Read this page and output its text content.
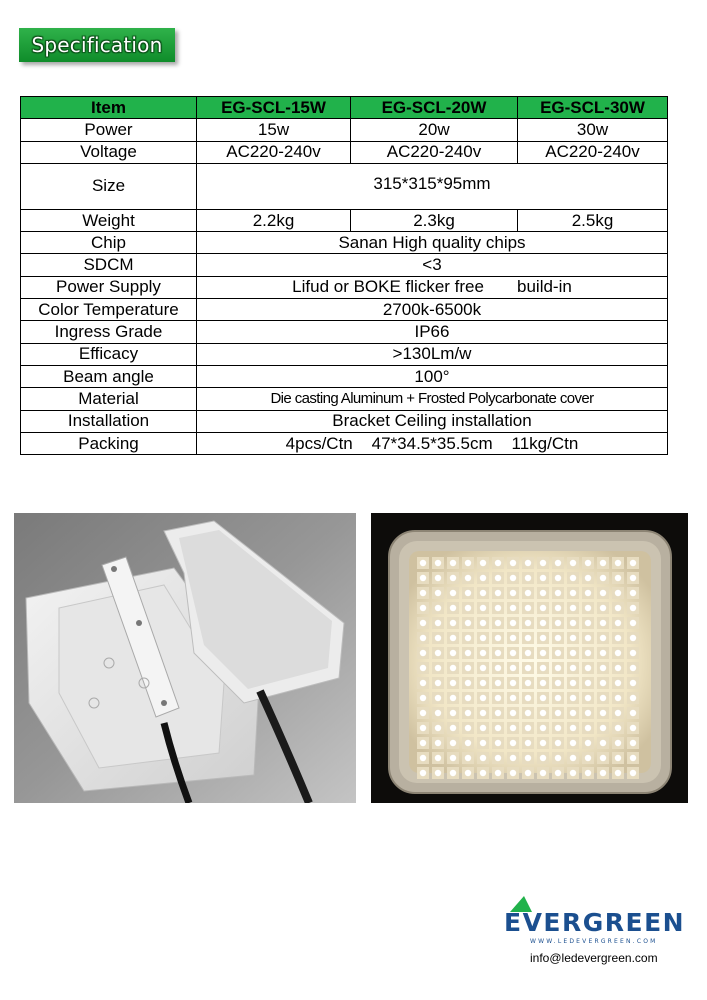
Specification
Item	EG-SCL-15W	EG-SCL-20W	EG-SCL-30W
Power	15w	20w	30w
Voltage	AC220-240v	AC220-240v	AC220-240v
Size	315*315*95mm		

Weight	2.2kg	2.3kg	2.5kg
Chip	Sanan High quality chips		
SDCM	<3		
Power Supply	Lifud or BOKE flicker free       build-in		
Color Temperature	2700k-6500k		
Ingress Grade	IP66		
Efficacy	>130Lm/w		
Beam angle	100°		
Material	Die casting Aluminum + Frosted Polycarbonate cover		
Installation	Bracket Ceiling installation		
Packing	4pcs/Ctn    47*34.5*35.5cm    11kg/Ctn		
EVERGREEN
WWW.LEDEVERGREEN.COM
info@ledevergreen.com
